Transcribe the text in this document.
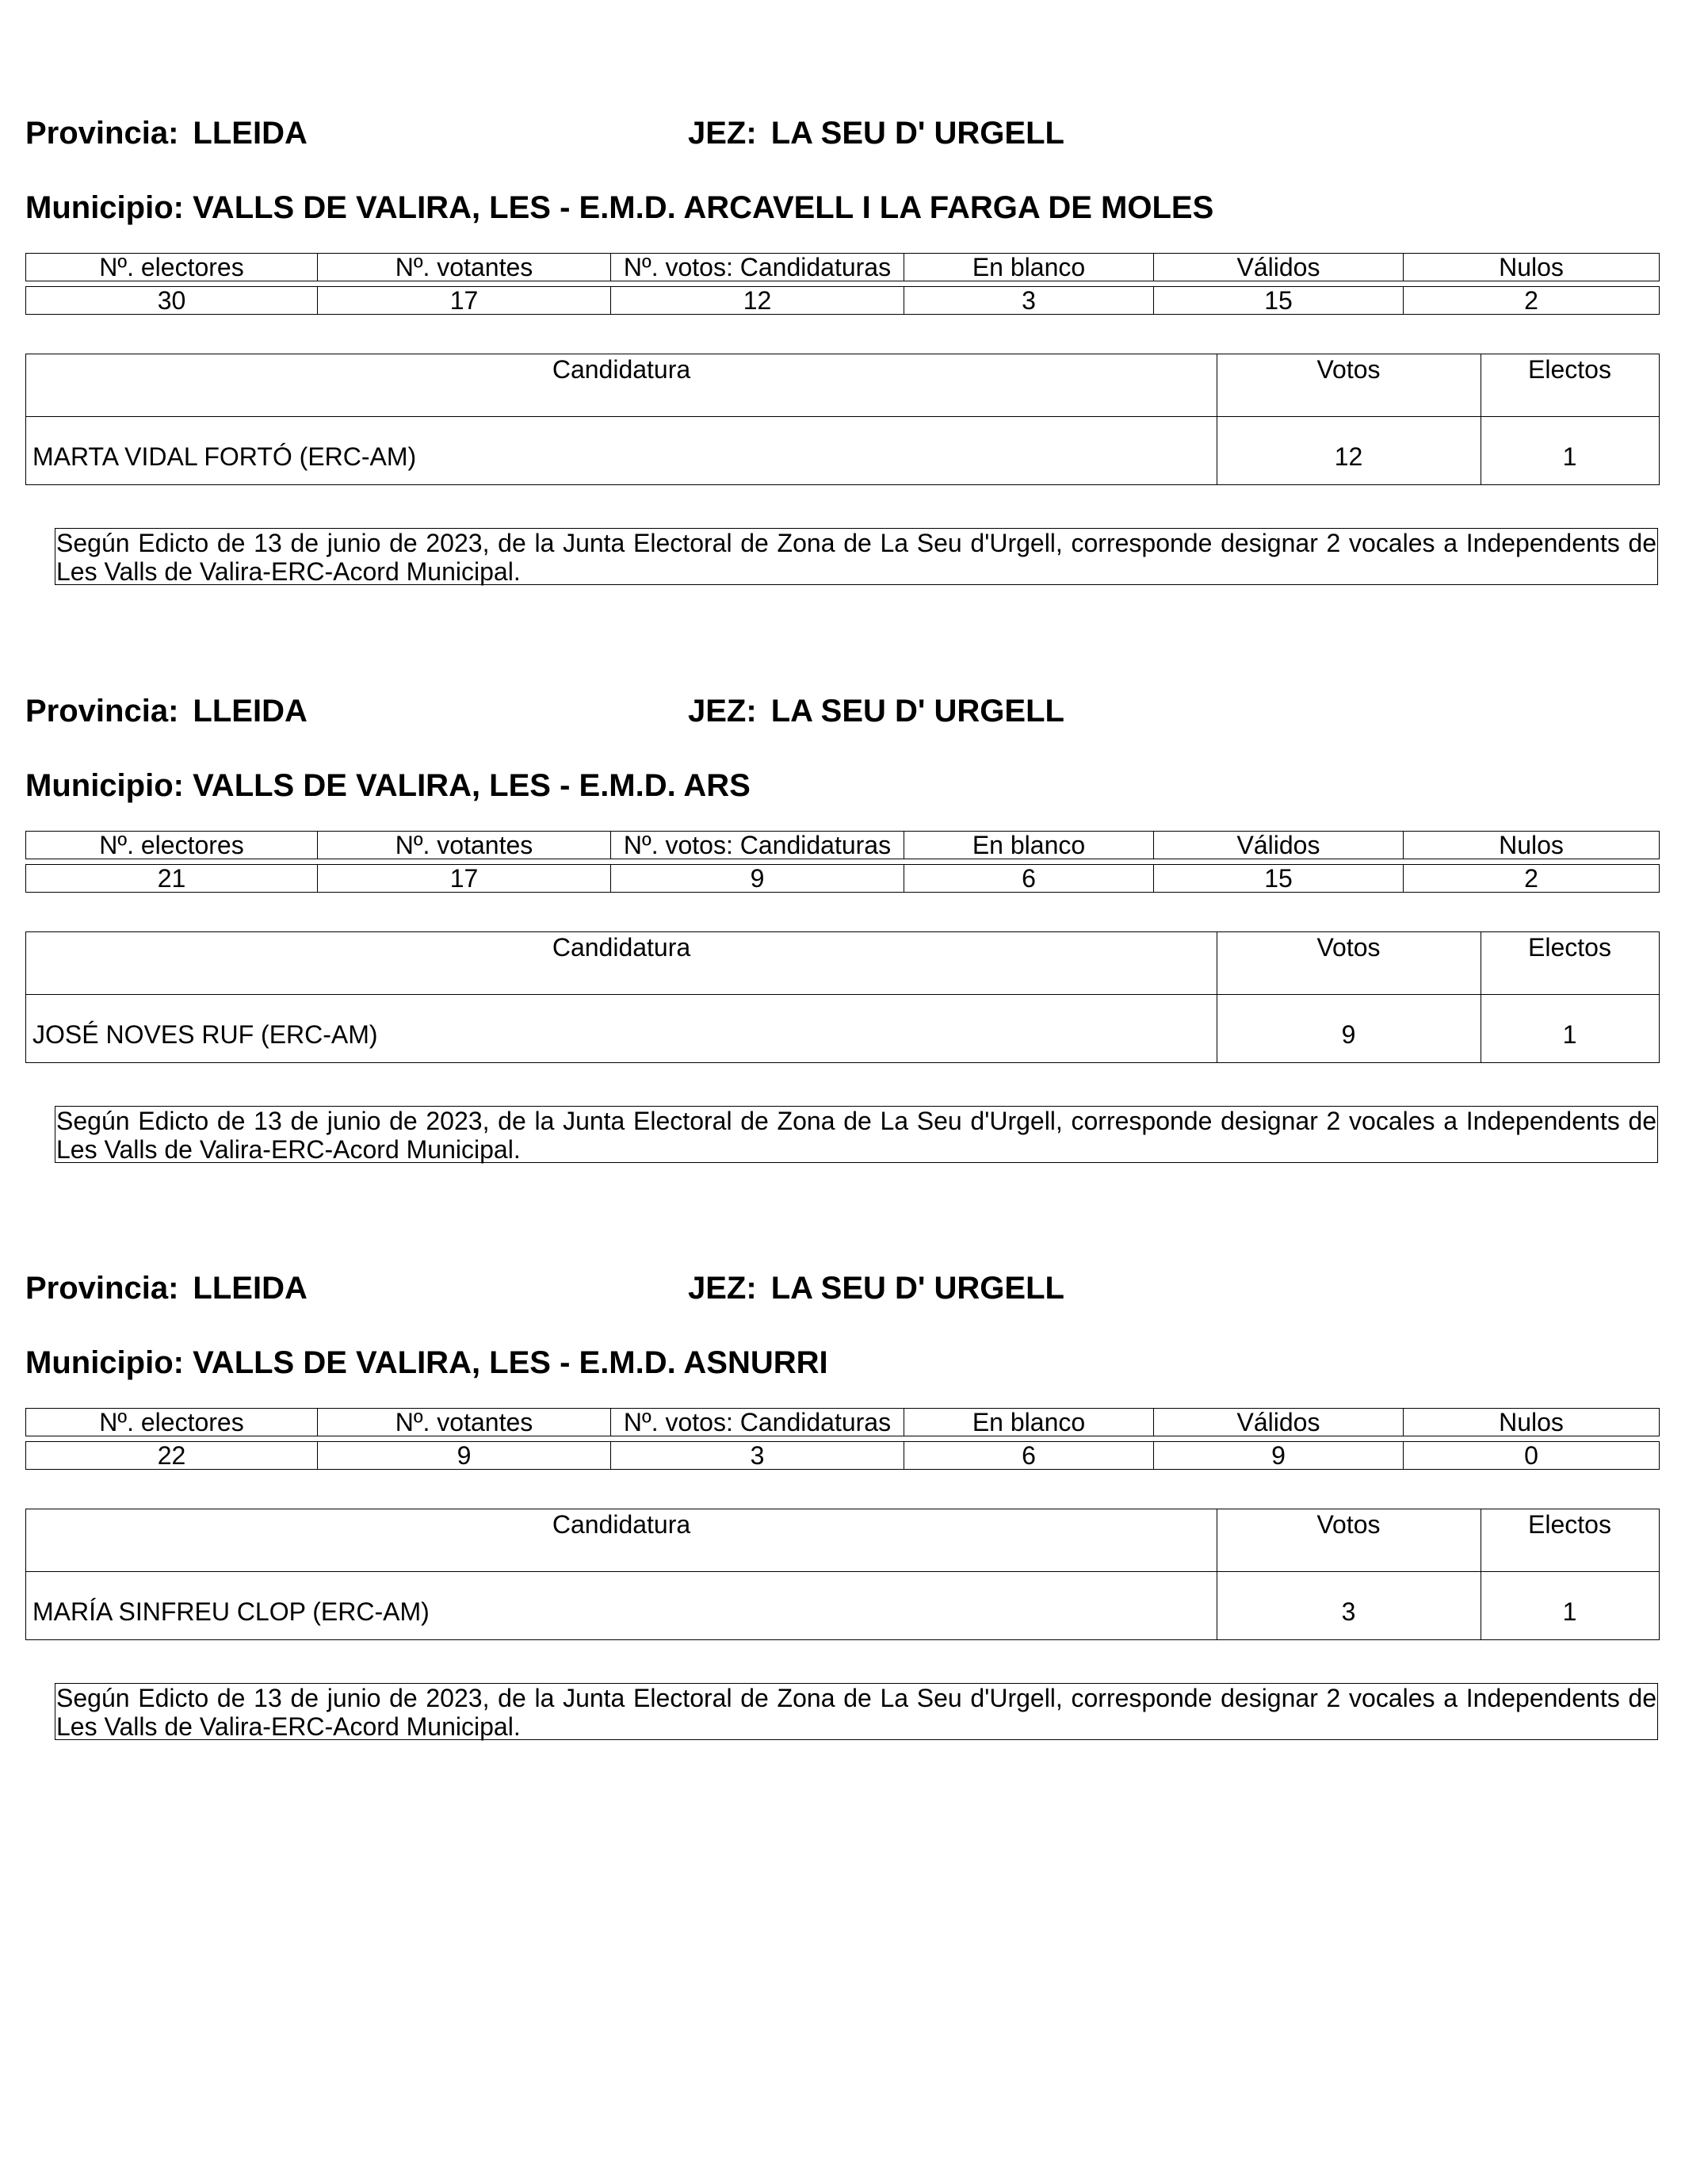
Provincia: LLEIDA	JEZ: LA SEU D' URGELL
Municipio: VALLS DE VALIRA, LES - E.M.D. ARCAVELL I LA FARGA DE MOLES
Nº. electores	Nº. votantes	Nº. votos: Candidaturas	En blanco	Válidos	Nulos
30	17	12	3	15	2
Candidatura	Votos	Electos
MARTA VIDAL FORTÓ (ERC-AM)	12	1
Según Edicto de 13 de junio de 2023, de la Junta Electoral de Zona de La Seu d'Urgell, corresponde designar 2 vocales a Independents de Les Valls de Valira-ERC-Acord Municipal.
Provincia: LLEIDA	JEZ: LA SEU D' URGELL
Municipio: VALLS DE VALIRA, LES - E.M.D. ARS
Nº. electores	Nº. votantes	Nº. votos: Candidaturas	En blanco	Válidos	Nulos
21	17	9	6	15	2
Candidatura	Votos	Electos
JOSÉ NOVES RUF (ERC-AM)	9	1
Según Edicto de 13 de junio de 2023, de la Junta Electoral de Zona de La Seu d'Urgell, corresponde designar 2 vocales a Independents de Les Valls de Valira-ERC-Acord Municipal.
Provincia: LLEIDA	JEZ: LA SEU D' URGELL
Municipio: VALLS DE VALIRA, LES - E.M.D. ASNURRI
Nº. electores	Nº. votantes	Nº. votos: Candidaturas	En blanco	Válidos	Nulos
22	9	3	6	9	0
Candidatura	Votos	Electos
MARÍA SINFREU CLOP (ERC-AM)	3	1
Según Edicto de 13 de junio de 2023, de la Junta Electoral de Zona de La Seu d'Urgell, corresponde designar 2 vocales a Independents de Les Valls de Valira-ERC-Acord Municipal.
